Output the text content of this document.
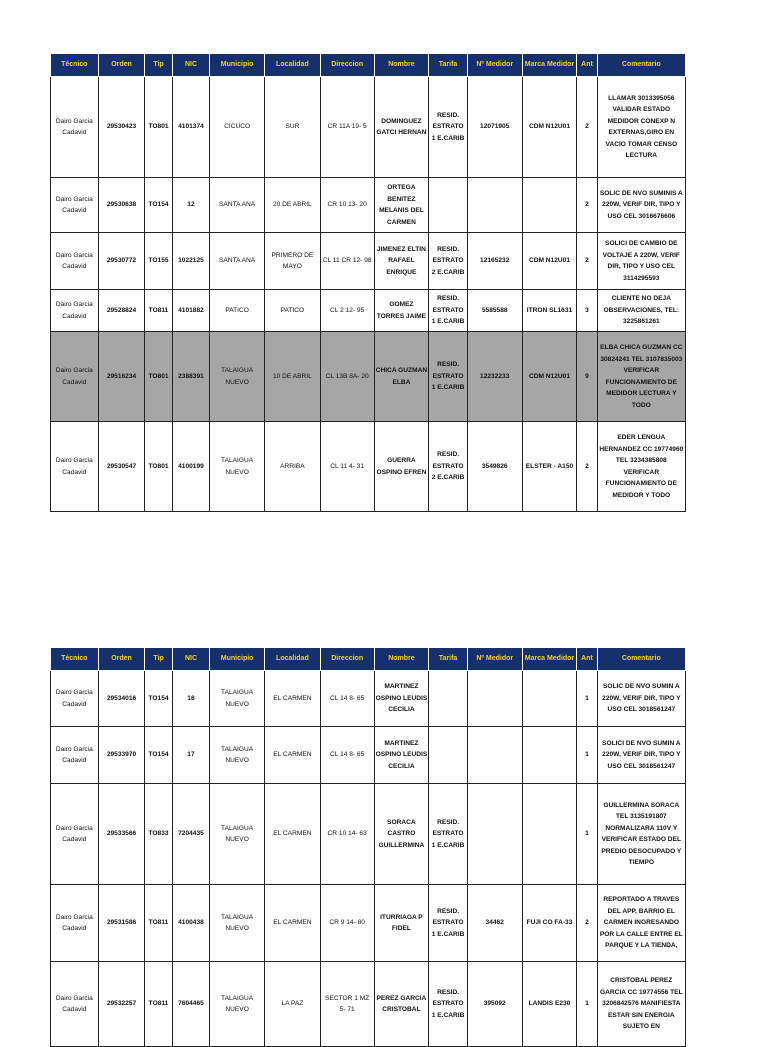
Técnico	Orden	Tip	NIC	Municipio	Localidad	Direccion	Nombre	Tarifa	Nº Medidor	Marca Medidor	Ant	Comentario
Dairo Garcia Cadavid	29530423	TO801	4101374	CICUCO	SUR	CR 11A 19- 5	DOMINGUEZ GATCI HERNAN	RESID. ESTRATO 1 E.CARIB	12071905	CDM N12U01	2	LLAMAR 3013395056 VALIDAR ESTADO MEDIDOR CONEXP N EXTERNAS,GIRO EN VACIO TOMAR CENSO LECTURA
Dairo Garcia Cadavid	29530638	TO154	12	SANTA ANA	20 DE ABRIL	CR 10 13- 20	ORTEGA BENITEZ MELANIS DEL CARMEN				2	SOLIC DE NVO SUMINIS A 220W, VERIF DIR, TIPO Y USO CEL 3016676606
Dairo Garcia Cadavid	29530772	TO155	1022125	SANTA ANA	PRIMERO DE MAYO	CL 11 CR 12- 98	JIMENEZ ELTIN RAFAEL ENRIQUE	RESID. ESTRATO 2 E.CARIB	12165232	CDM N12U01	2	SOLICI DE CAMBIO DE VOLTAJE A 220W, VERIF DIR, TIPO Y USO CEL 3114295593
Dairo Garcia Cadavid	29528824	TO811	4101882	PATICO	PATICO	CL 2 12- 95	GOMEZ TORRES JAIME	RESID. ESTRATO 1 E.CARIB	5585588	ITRON SL1631	3	CLIENTE NO DEJA OBSERVACIONES, TEL: 3225861261
Dairo Garcia Cadavid	29516234	TO801	2388391	TALAIGUA NUEVO	10 DE ABRIL	CL 13B 8A- 20	CHICA GUZMAN ELBA	RESID. ESTRATO 1 E.CARIB	12232233	CDM N12U01	9	ELBA CHICA GUZMAN CC 30824241 TEL 3107835003 VERIFICAR FUNCIONAMIENTO DE MEDIDOR LECTURA Y TODO
Dairo Garcia Cadavid	29530547	TO801	4100199	TALAIGUA NUEVO	ARRIBA	CL 11 4- 31	GUERRA OSPINO EFREN	RESID. ESTRATO 2 E.CARIB	3549826	ELSTER - A150	2	EDER LENGUA HERNANDEZ CC 19774960 TEL 3234385808 VERIFICAR FUNCIONAMIENTO DE MEDIDOR Y TODO
Técnico	Orden	Tip	NIC	Municipio	Localidad	Direccion	Nombre	Tarifa	Nº Medidor	Marca Medidor	Ant	Comentario
Dairo Garcia Cadavid	29534016	TO154	18	TALAIGUA NUEVO	EL CARMEN	CL 14 8- 65	MARTINEZ OSPINO LEUDIS CECILIA				1	SOLIC DE NVO SUMIN A 220W, VERIF DIR, TIPO Y USO CEL 3018561247
Dairo Garcia Cadavid	29533970	TO154	17	TALAIGUA NUEVO	EL CARMEN	CL 14 8- 65	MARTINEZ OSPINO LEUDIS CECILIA				1	SOLICI DE NVO SUMIN A 220W, VERIF DIR, TIPO Y USO CEL 3018561247
Dairo Garcia Cadavid	29533566	TO833	7204435	TALAIGUA NUEVO	EL CARMEN	CR 10 14- 63	SORACA CASTRO GUILLERMINA	RESID. ESTRATO 1 E.CARIB			1	GUILLERMINA SORACA TEL 3135191807 NORMALIZARA 110V Y VERIFICAR ESTADO DEL PREDIO DESOCUPADO Y TIEMPO
Dairo Garcia Cadavid	29531586	TO811	4100438	TALAIGUA NUEVO	EL CARMEN	CR 9 14- 80	ITURRIAGA P FIDEL	RESID. ESTRATO 1 E.CARIB	34462	FUJI CO FA-33	2	REPORTADO A TRAVES DEL APP, BARRIO EL CARMEN INGRESANDO POR LA CALLE ENTRE EL PARQUE Y LA TIENDA,
Dairo Garcia Cadavid	29532257	TO811	7604465	TALAIGUA NUEVO	LA PAZ	SECTOR 1 MZ 5- 71	PEREZ GARCIA CRISTOBAL	RESID. ESTRATO 1 E.CARIB	395092	LANDIS E230	1	CRISTOBAL PEREZ GARCIA CC 19774556 TEL 3206842576 MANIFIESTA ESTAR SIN ENERGIA SUJETO EN
